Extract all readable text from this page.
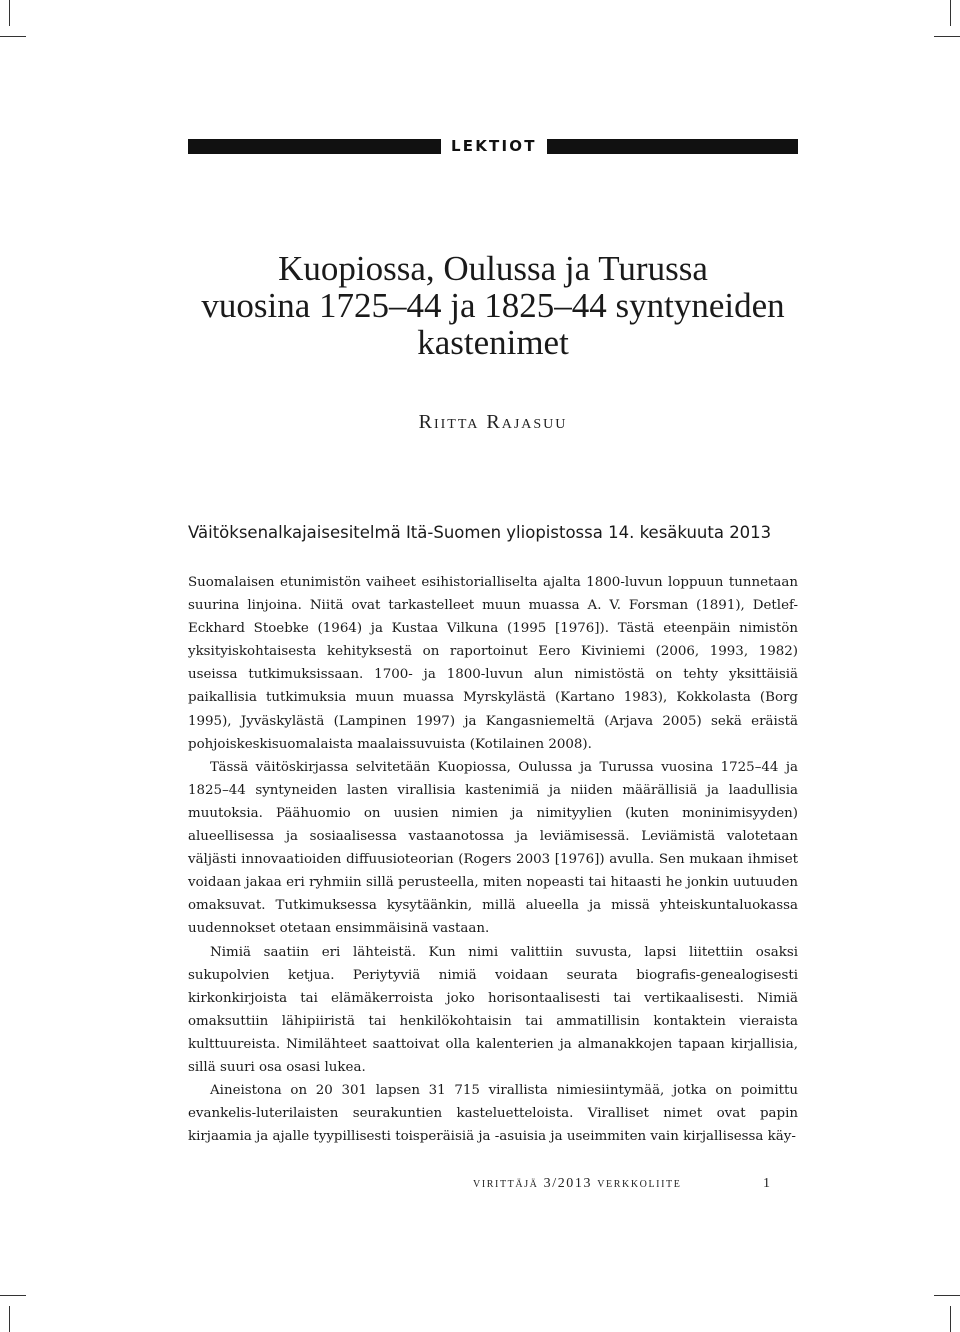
LEKTIOT
Kuopiossa, Oulussa ja Turussa
vuosina 1725–44 ja 1825–44 syntyneiden
kastenimet
Riitta Rajasuu
Väitöksenalkajaisesitelmä Itä-Suomen yliopistossa 14. kesäkuuta 2013

Suomalaisen etunimistön vaiheet esihistorialliselta ajalta 1800-luvun loppuun tunnetaan suurina linjoina. Niitä ovat tarkastelleet muun muassa A. V. Forsman (1891), Detlef-Eckhard Stoebke (1964) ja Kustaa Vilkuna (1995 [1976]). Tästä eteenpäin nimistön yksityiskohtaisesta kehityksestä on raportoinut Eero Kiviniemi (2006, 1993, 1982) useissa tutkimuksissaan. 1700- ja 1800-luvun alun nimistöstä on tehty yksittäisiä paikallisia tutkimuksia muun muassa Myrskylästä (Kartano 1983), Kokkolasta (Borg 1995), Jyväskylästä (Lampinen 1997) ja Kangasniemeltä (Arjava 2005) sekä eräistä pohjoiskeskisuomalaista maalaissuvuista (Kotilainen 2008).

Tässä väitöskirjassa selvitetään Kuopiossa, Oulussa ja Turussa vuosina 1725–44 ja 1825–44 syntyneiden lasten virallisia kastenimiä ja niiden määrällisiä ja laadullisia muutoksia. Päähuomio on uusien nimien ja nimityylien (kuten moninimisyyden) alueellisessa ja sosiaalisessa vastaanotossa ja leviämisessä. Leviämistä valotetaan väljästi innovaatioiden diffuusioteorian (Rogers 2003 [1976]) avulla. Sen mukaan ihmiset voidaan jakaa eri ryhmiin sillä perusteella, miten nopeasti tai hitaasti he jonkin uutuuden omaksuvat. Tutkimuksessa kysytäänkin, millä alueella ja missä yhteiskuntaluokassa uudennokset otetaan ensimmäisinä vastaan.

Nimiä saatiin eri lähteistä. Kun nimi valittiin suvusta, lapsi liitettiin osaksi sukupolvien ketjua. Periytyviä nimiä voidaan seurata biografis-genealogisesti kirkonkirjoista tai elämäkerroista joko horisontaalisesti tai vertikaalisesti. Nimiä omaksuttiin lähipiiristä tai henkilökohtaisin tai ammatillisin kontaktein vieraista kulttuureista. Nimilähteet saattoivat olla kalenterien ja almanakkojen tapaan kirjallisia, sillä suuri osa osasi lukea.

Aineistona on 20 301 lapsen 31 715 virallista nimiesiintymää, jotka on poimittu evankelis-luterilaisten seurakuntien kasteluetteloista. Viralliset nimet ovat papin kirjaamia ja ajalle tyypillisesti toisperäisiä ja -asuisia ja useimmiten vain kirjallisessa käy-

virittäjä 3/2013 verkkoliite	1
